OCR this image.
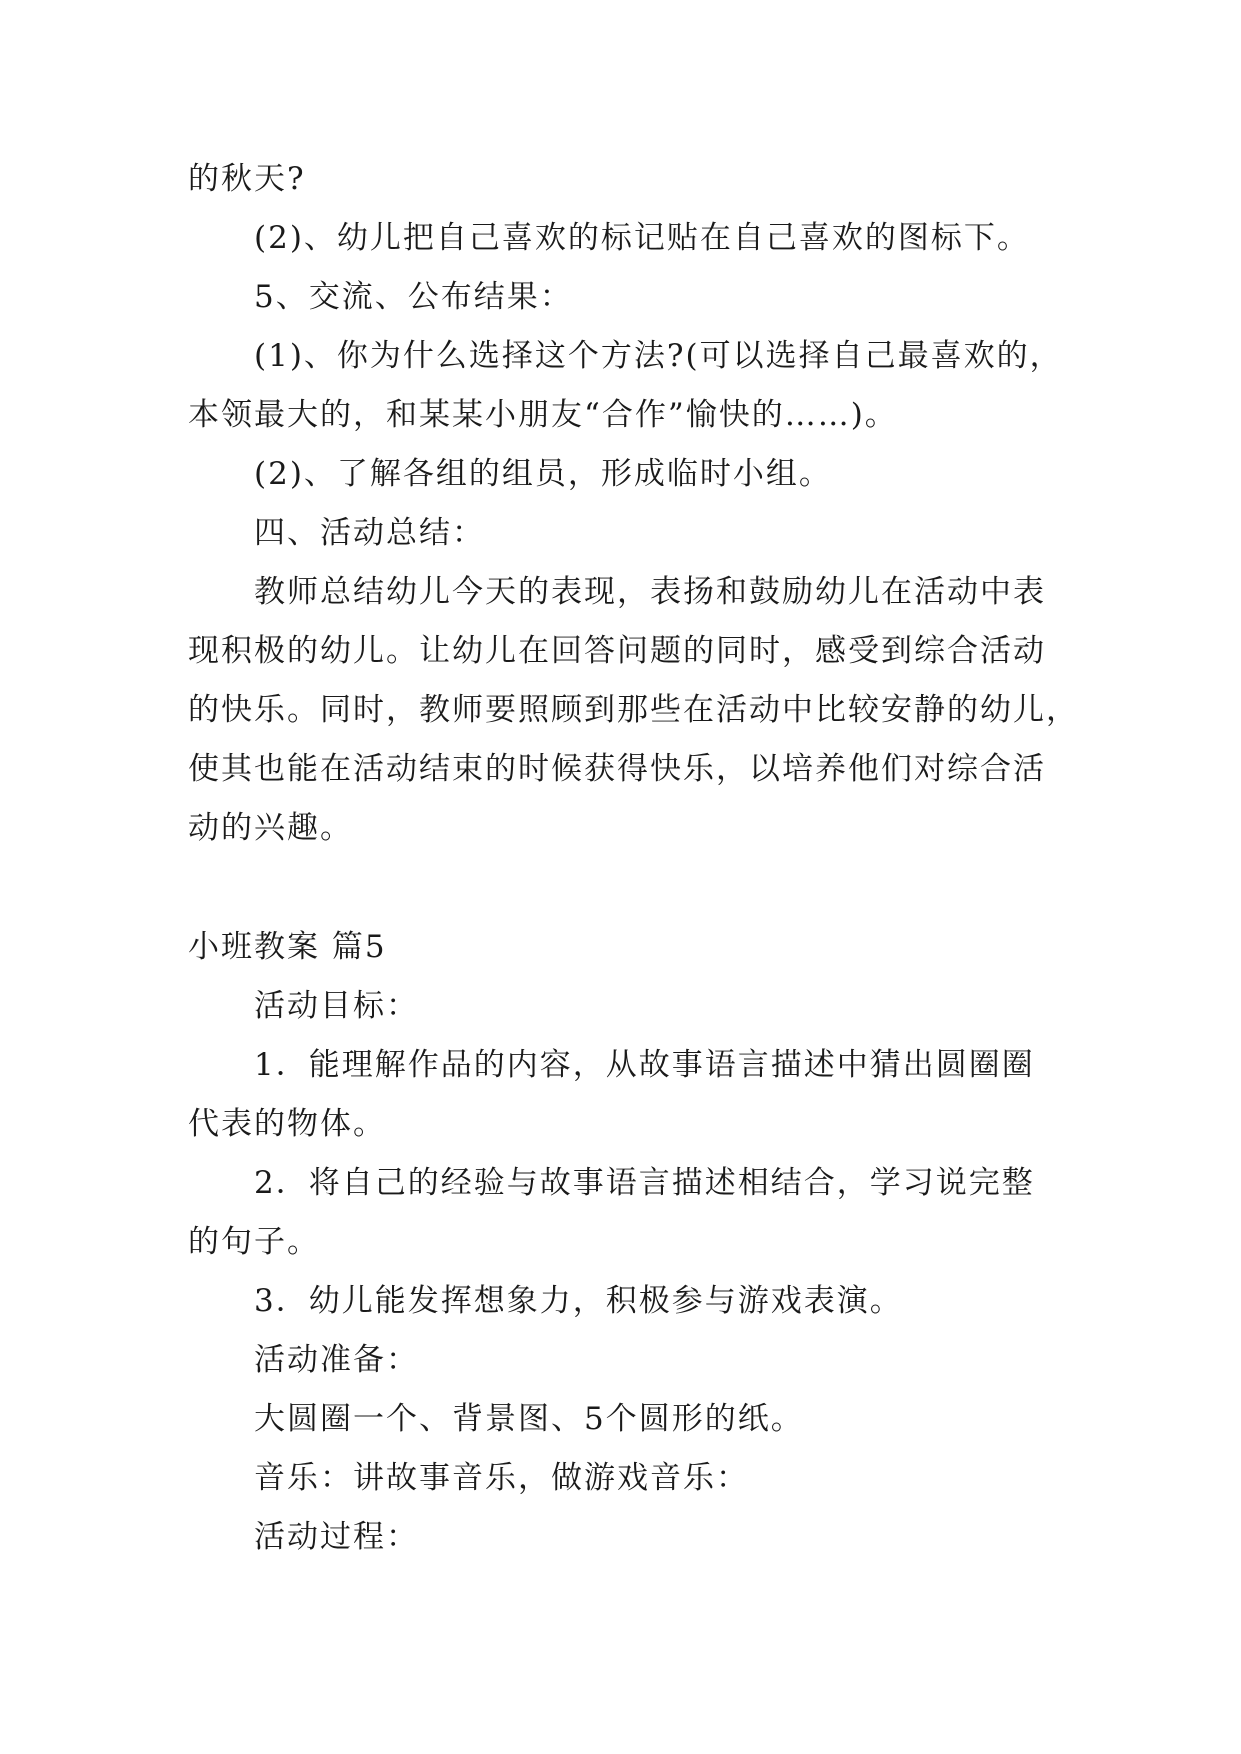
的秋天?
(2)、幼儿把自己喜欢的标记贴在自己喜欢的图标下。
5、交流、公布结果：
(1)、你为什么选择这个方法?(可以选择自己最喜欢的，
本领最大的，和某某小朋友“合作”愉快的……)。
(2)、了解各组的组员，形成临时小组。
四、活动总结：
教师总结幼儿今天的表现，表扬和鼓励幼儿在活动中表
现积极的幼儿。让幼儿在回答问题的同时，感受到综合活动
的快乐。同时，教师要照顾到那些在活动中比较安静的幼儿，
使其也能在活动结束的时候获得快乐，以培养他们对综合活
动的兴趣。
小班教案 篇5
活动目标：
1．能理解作品的内容，从故事语言描述中猜出圆圈圈
代表的物体。
2．将自己的经验与故事语言描述相结合，学习说完整
的句子。
3．幼儿能发挥想象力，积极参与游戏表演。
活动准备：
大圆圈一个、背景图、5个圆形的纸。
音乐：讲故事音乐，做游戏音乐：
活动过程：
